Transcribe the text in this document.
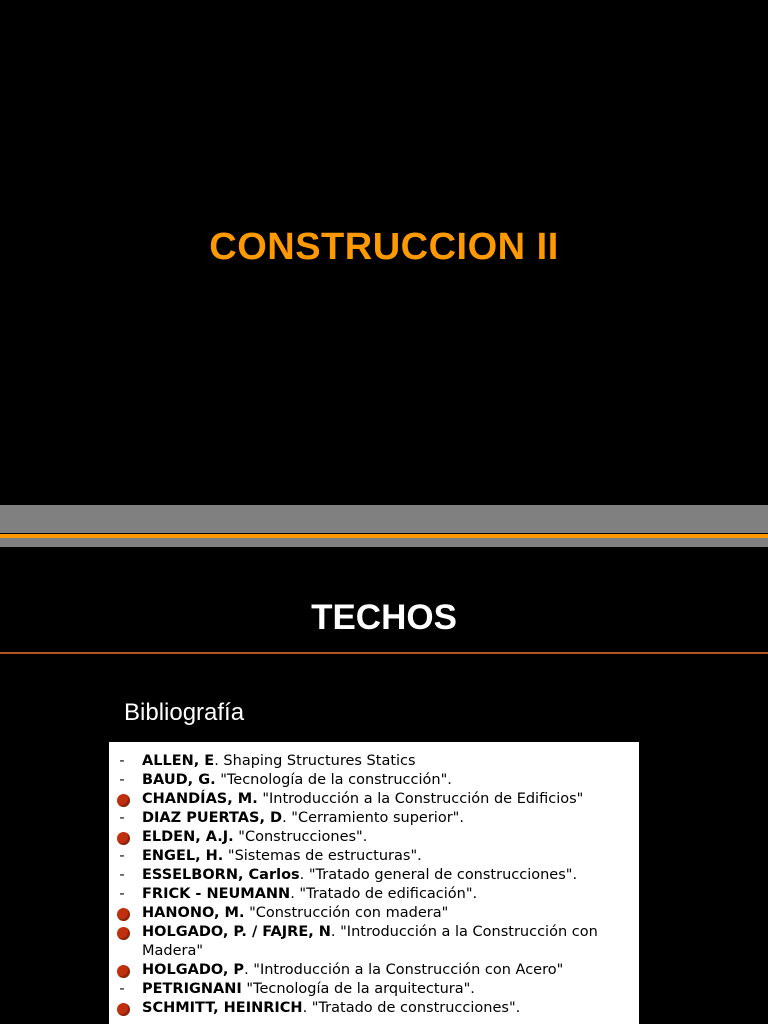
CONSTRUCCION II
TECHOS
Bibliografía
- ALLEN, E. Shaping Structures Statics
- BAUD, G. "Tecnología de la construcción".
CHANDÍAS, M. "Introducción a la Construcción de Edificios"
- DIAZ PUERTAS, D. "Cerramiento superior".
ELDEN, A.J. "Construcciones".
- ENGEL, H. "Sistemas de estructuras".
- ESSELBORN, Carlos. "Tratado general de construcciones".
- FRICK - NEUMANN. "Tratado de edificación".
HANONO, M. "Construcción con madera"
HOLGADO, P. / FAJRE, N. "Introducción a la Construcción con Madera"
HOLGADO, P. "Introducción a la Construcción con Acero"
- PETRIGNANI "Tecnología de la arquitectura".
SCHMITT, HEINRICH. "Tratado de construcciones".
